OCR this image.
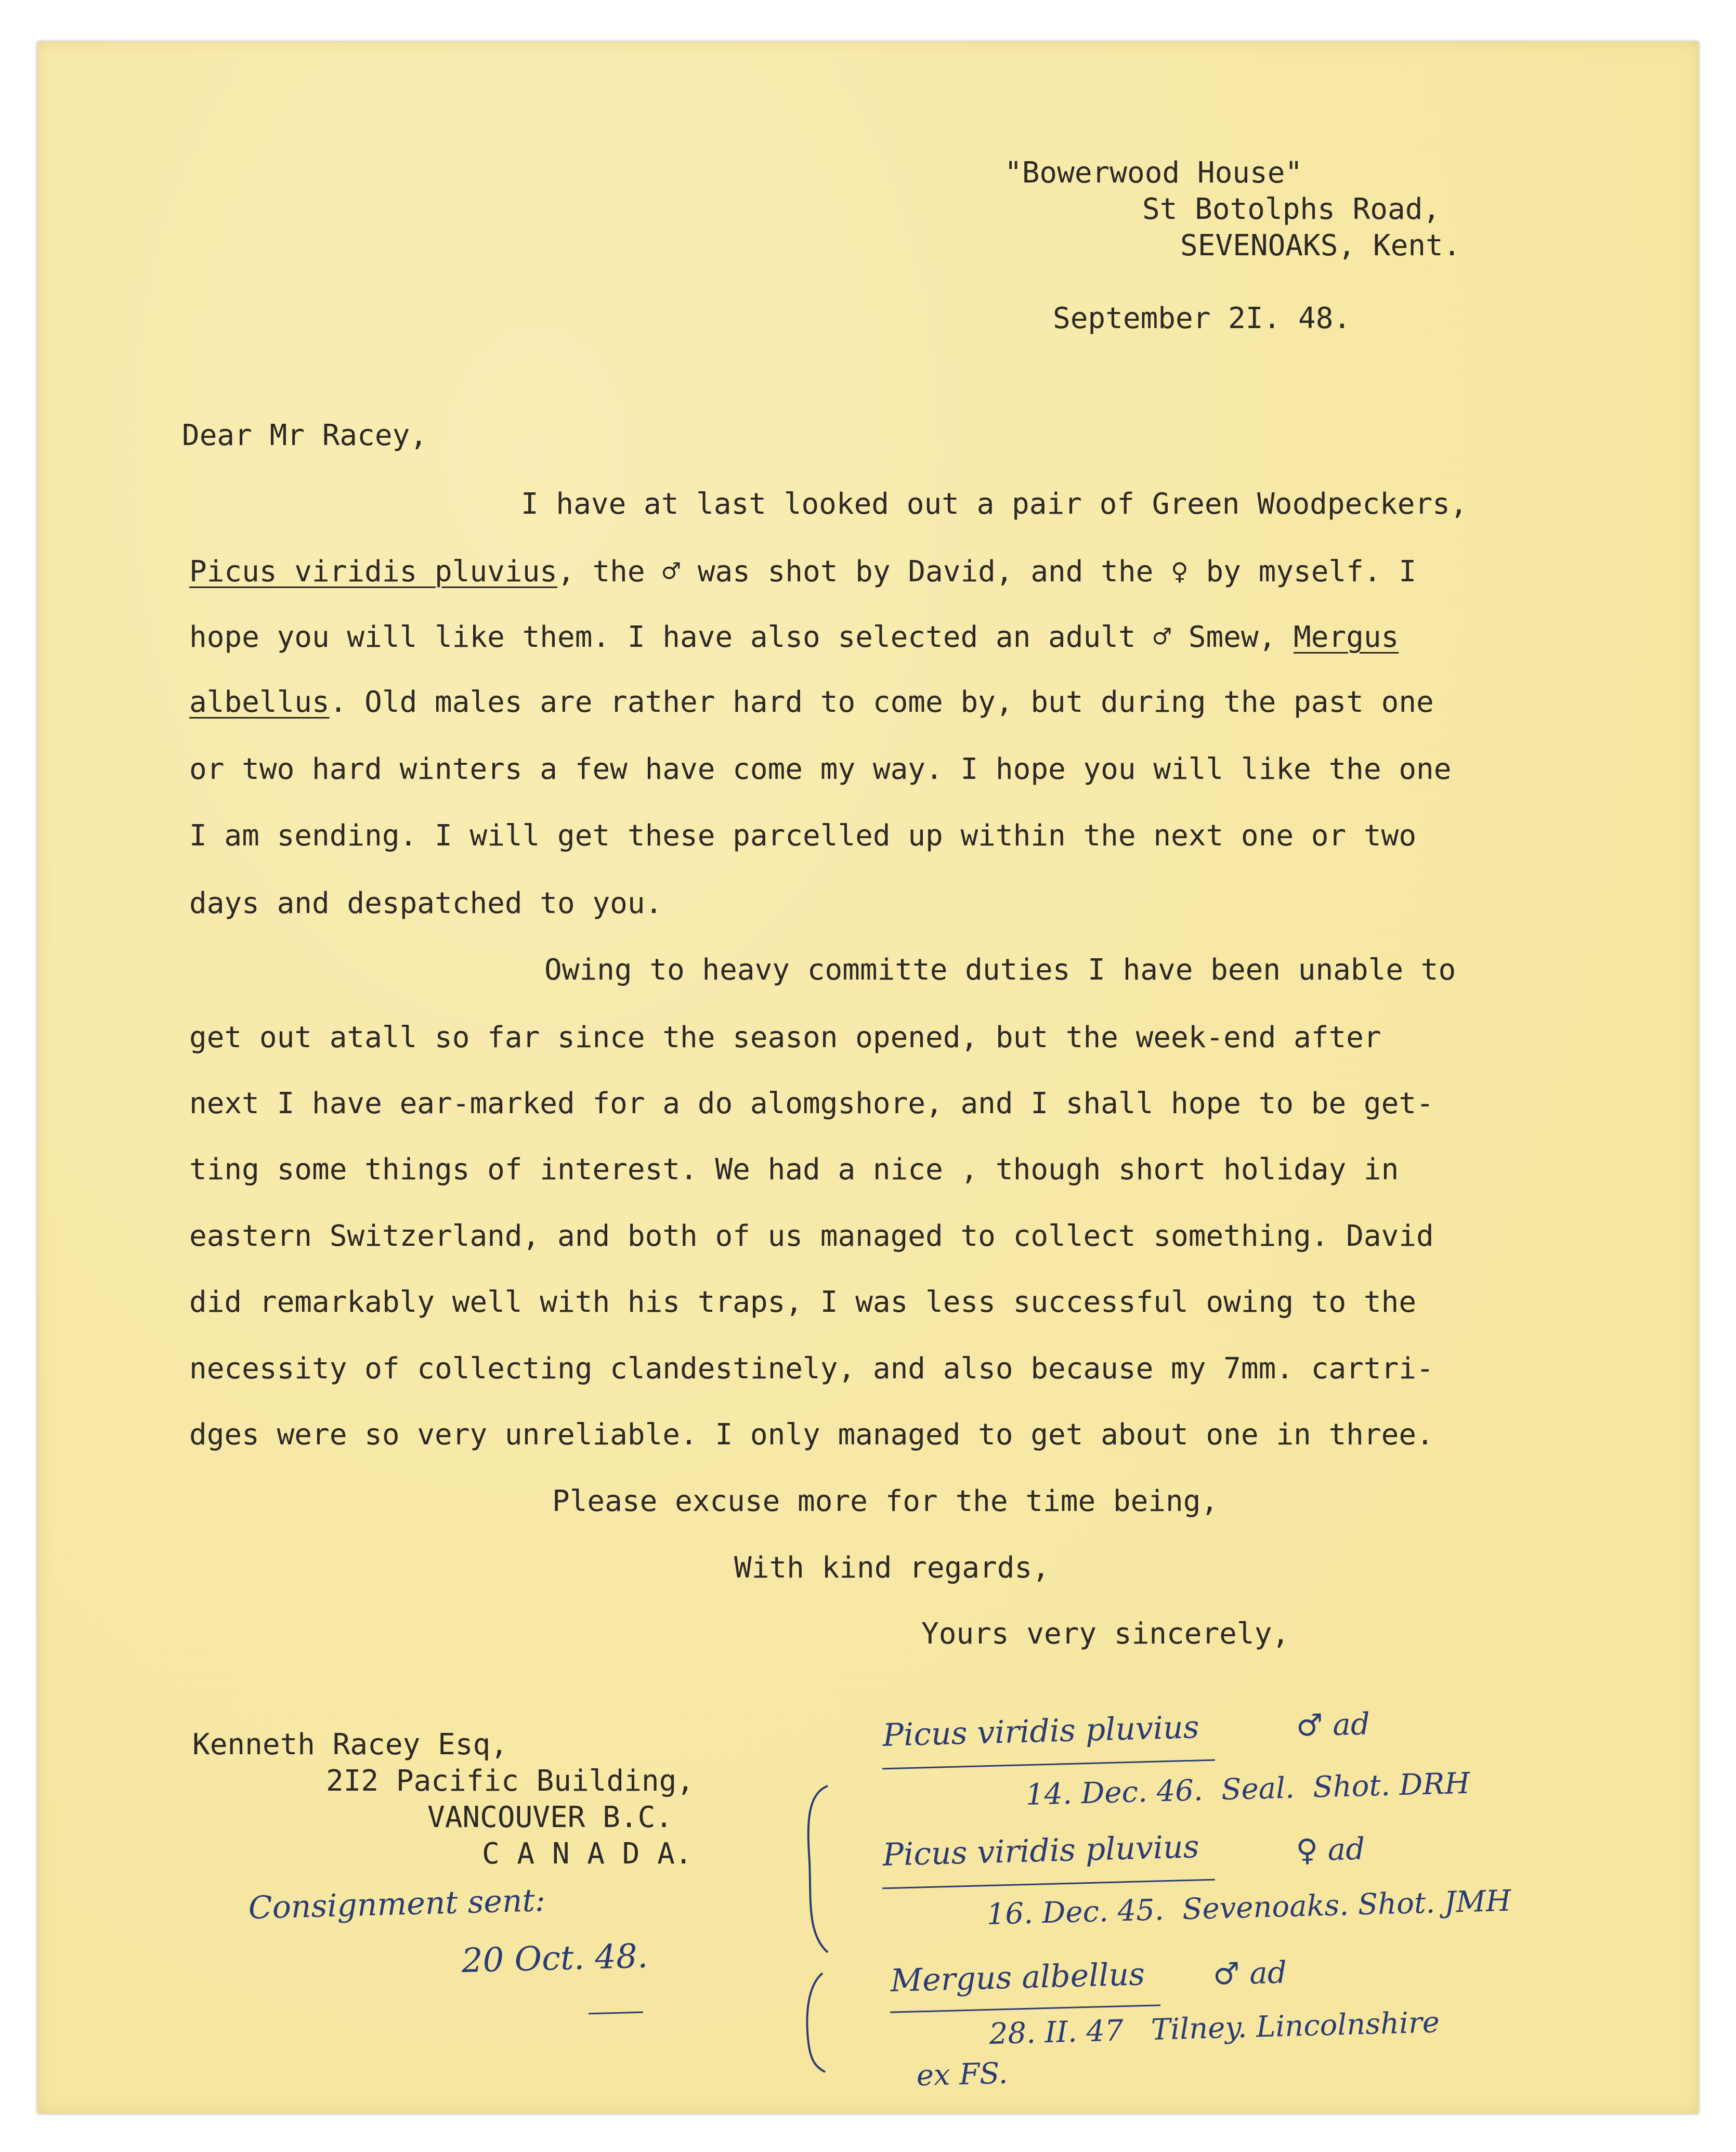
"Bowerwood House"
St Botolphs Road,
SEVENOAKS, Kent.
September 2I. 48.
Dear Mr Racey,
I have at last looked out a pair of Green Woodpeckers,
Picus viridis pluvius, the ♂ was shot by David, and the ♀ by myself. I
hope you will like them. I have also selected an adult ♂ Smew, Mergus
albellus. Old males are rather hard to come by, but during the past one
or two hard winters a few have come my way. I hope you will like the one
I am sending. I will get these parcelled up within the next one or two
days and despatched to you.
Owing to heavy committe duties I have been unable to
get out atall so far since the season opened, but the week-end after
next I have ear-marked for a do alomgshore, and I shall hope to be get-
ting some things of interest. We had a nice , though short holiday in
eastern Switzerland, and both of us managed to collect something. David
did remarkably well with his traps, I was less successful owing to the
necessity of collecting clandestinely, and also because my 7mm. cartri-
dges were so very unreliable. I only managed to get about one in three.
Please excuse more for the time being,
With kind regards,
Yours very sincerely,
Kenneth Racey Esq,
2I2 Pacific Building,
VANCOUVER B.C.
C A N A D A.
Consignment sent:
20 Oct. 48.
Picus viridis pluvius	♂ ad
14. Dec. 46.  Seal.  Shot. DRH
Picus viridis pluvius	♀ ad
16. Dec. 45.  Sevenoaks. Shot. JMH
Mergus albellus ♂ ad
28. II. 47   Tilney. Lincolnshire
ex FS.
